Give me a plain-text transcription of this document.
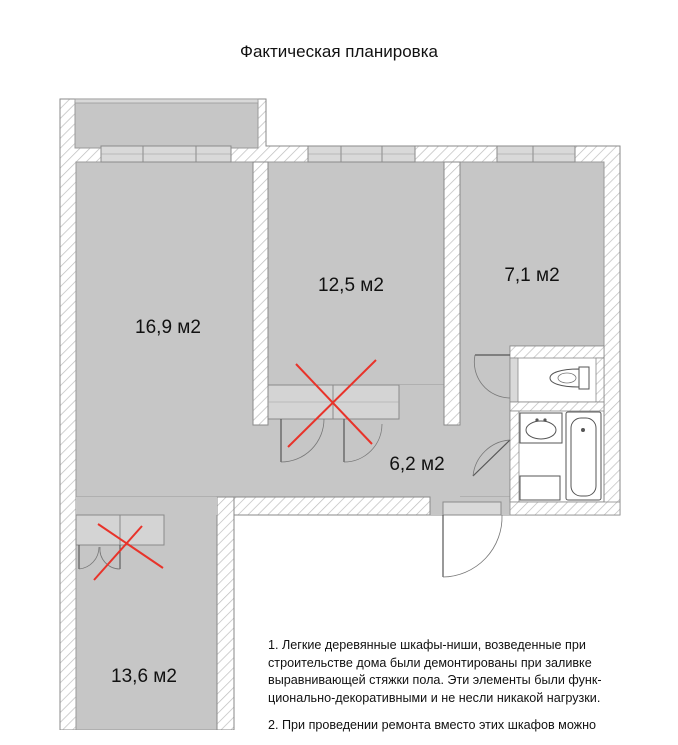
Фактическая планировка
16,9 м2
12,5 м2	7,1 м2
6,2 м2
13,6 м2

1. Легкие деревянные шкафы-ниши, возведенные при строительстве дома были демонтированы при заливке выравнивающей стяжки пола. Эти элементы были функ-ционально-декоративными и не несли никакой нагрузки.

2. При проведении ремонта вместо этих шкафов можно
